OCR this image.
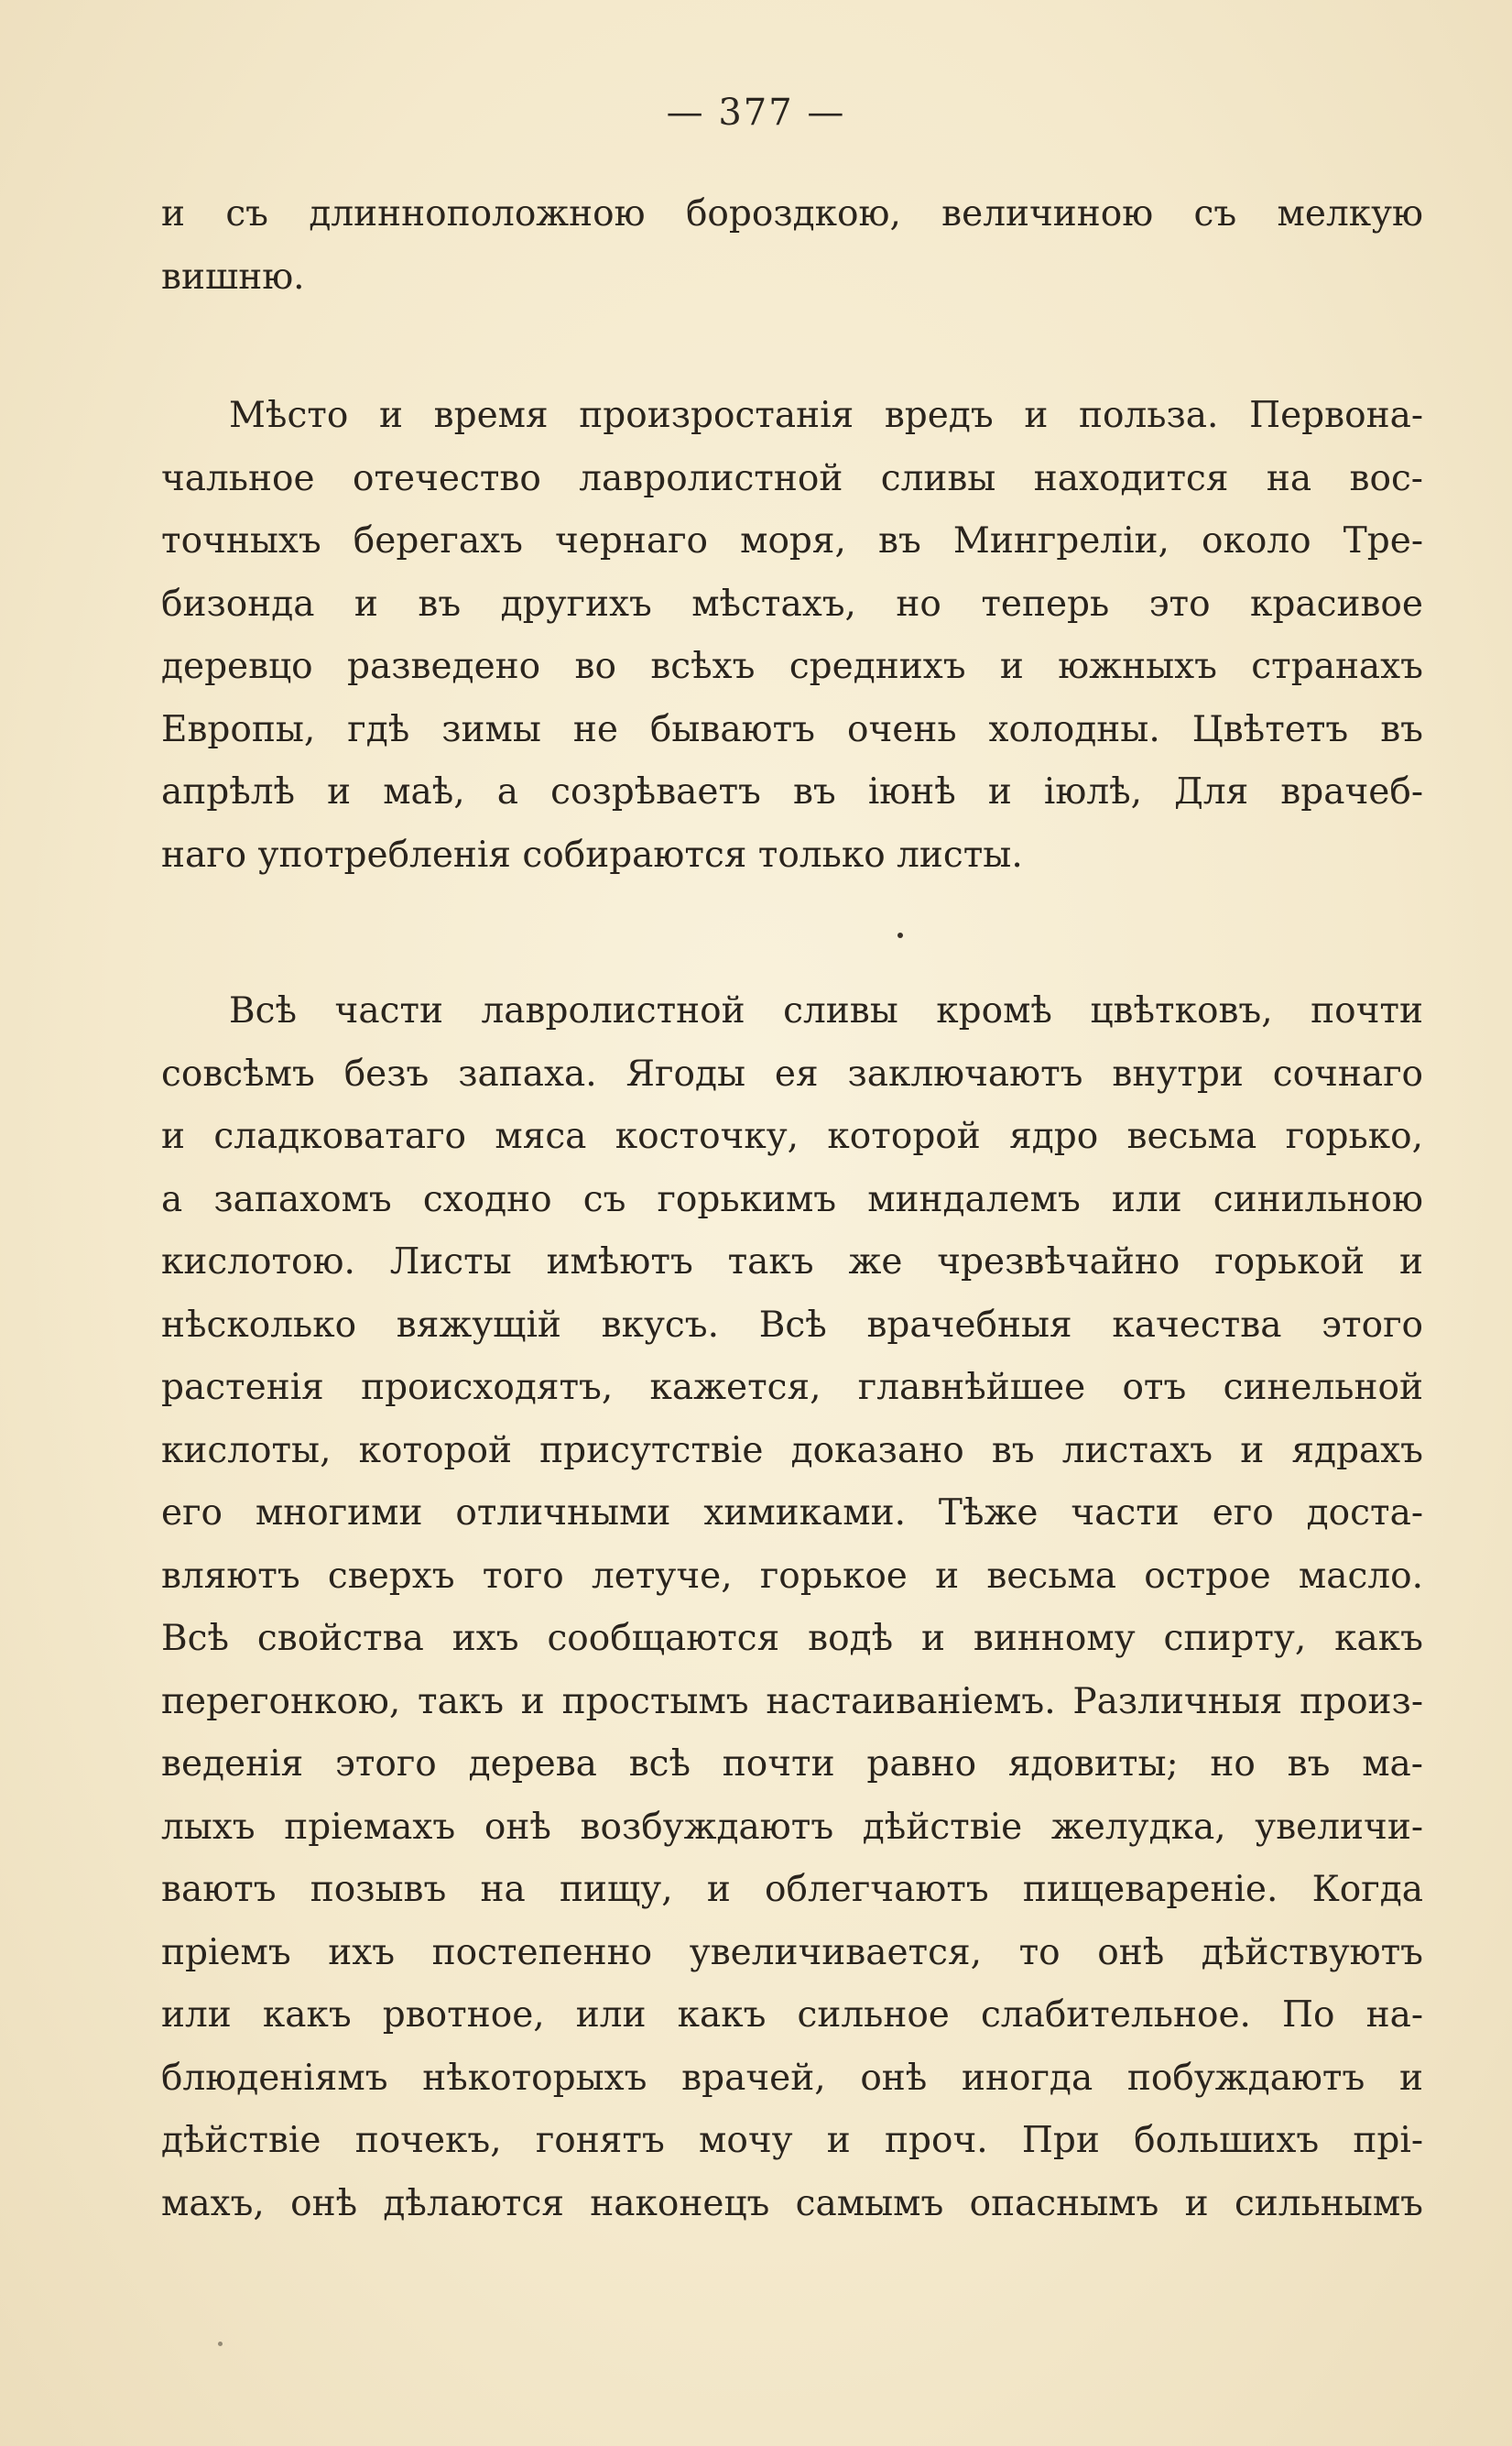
— 377 —
и съ длинноположною бороздкою, величиною съ мелкую
вишню.
Мѣсто и время произростанія вредъ и польза. Первона-
чальное отечество лавролистной сливы находится на вос-
точныхъ берегахъ чернаго моря, въ Мингреліи, около Тре-
бизонда и въ другихъ мѣстахъ, но теперь это красивое
деревцо разведено во всѣхъ среднихъ и южныхъ странахъ
Европы, гдѣ зимы не бываютъ очень холодны. Цвѣтетъ въ
апрѣлѣ и маѣ, а созрѣваетъ въ іюнѣ и іюлѣ, Для врачеб-
наго употребленія собираются только листы.
Всѣ части лавролистной сливы кромѣ цвѣтковъ, почти
совсѣмъ безъ запаха. Ягоды ея заключаютъ внутри сочнаго
и сладковатаго мяса косточку, которой ядро весьма горько,
а запахомъ сходно съ горькимъ миндалемъ или синильною
кислотою. Листы имѣютъ такъ же чрезвѣчайно горькой и
нѣсколько вяжущій вкусъ. Всѣ врачебныя качества этого
растенія происходятъ, кажется, главнѣйшее отъ синельной
кислоты, которой присутствіе доказано въ листахъ и ядрахъ
его многими отличными химиками. Тѣже части его доста-
вляютъ сверхъ того летуче, горькое и весьма острое масло.
Всѣ свойства ихъ сообщаются водѣ и винному спирту, какъ
перегонкою, такъ и простымъ настаиваніемъ. Различныя произ-
веденія этого дерева всѣ почти равно ядовиты; но въ ма-
лыхъ пріемахъ онѣ возбуждаютъ дѣйствіе желудка, увеличи-
ваютъ позывъ на пищу, и облегчаютъ пищевареніе. Когда
пріемъ ихъ постепенно увеличивается, то онѣ дѣйствуютъ
или какъ рвотное, или какъ сильное слабительное. По на-
блюденіямъ нѣкоторыхъ врачей, онѣ иногда побуждаютъ и
дѣйствіе почекъ, гонятъ мочу и проч. При большихъ прі-
махъ, онѣ дѣлаются наконецъ самымъ опаснымъ и сильнымъ
